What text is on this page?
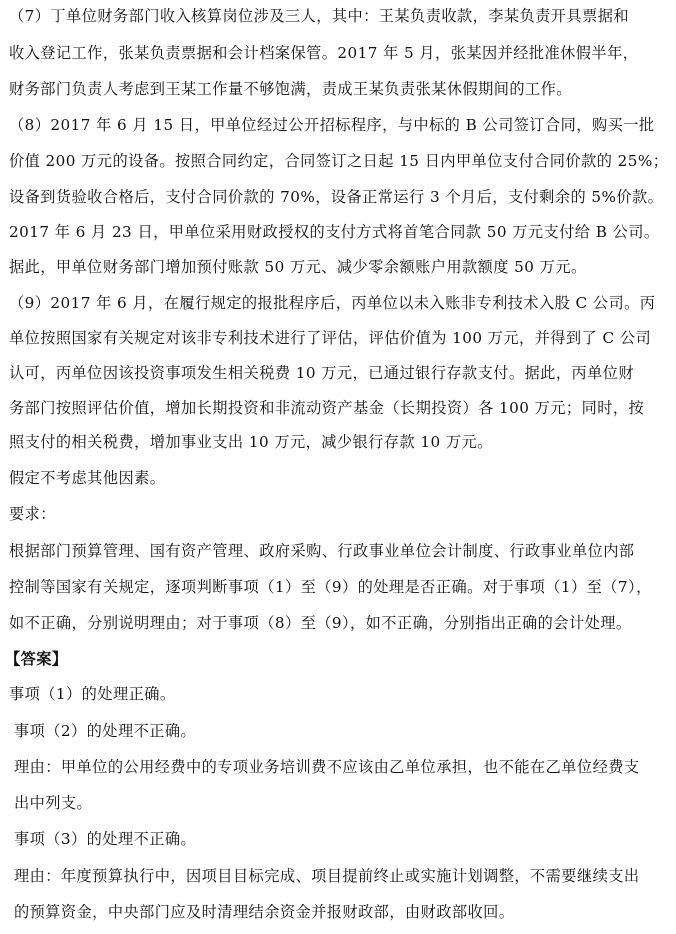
（7）丁单位财务部门收入核算岗位涉及三人，其中：王某负责收款，李某负责开具票据和
收入登记工作，张某负责票据和会计档案保管。2017 年 5 月，张某因并经批准休假半年，
财务部门负责人考虑到王某工作量不够饱满，责成王某负责张某休假期间的工作。
（8）2017 年 6 月 15 日，甲单位经过公开招标程序，与中标的 B 公司签订合同，购买一批
价值 200 万元的设备。按照合同约定，合同签订之日起 15 日内甲单位支付合同价款的 25%；
设备到货验收合格后，支付合同价款的 70%，设备正常运行 3 个月后，支付剩余的 5%价款。
2017 年 6 月 23 日，甲单位采用财政授权的支付方式将首笔合同款 50 万元支付给 B 公司。
据此，甲单位财务部门增加预付账款 50 万元、减少零余额账户用款额度 50 万元。
（9）2017 年 6 月，在履行规定的报批程序后，丙单位以未入账非专利技术入股 C 公司。丙
单位按照国家有关规定对该非专利技术进行了评估，评估价值为 100 万元，并得到了 C 公司
认可，丙单位因该投资事项发生相关税费 10 万元，已通过银行存款支付。据此，丙单位财
务部门按照评估价值，增加长期投资和非流动资产基金（长期投资）各 100 万元；同时，按
照支付的相关税费，增加事业支出 10 万元，减少银行存款 10 万元。
假定不考虑其他因素。
要求：
根据部门预算管理、国有资产管理、政府采购、行政事业单位会计制度、行政事业单位内部
控制等国家有关规定，逐项判断事项（1）至（9）的处理是否正确。对于事项（1）至（7），
如不正确，分别说明理由；对于事项（8）至（9），如不正确，分别指出正确的会计处理。
【答案】
事项（1）的处理正确。
事项（2）的处理不正确。
理由：甲单位的公用经费中的专项业务培训费不应该由乙单位承担，也不能在乙单位经费支
出中列支。
事项（3）的处理不正确。
理由：年度预算执行中，因项目目标完成、项目提前终止或实施计划调整，不需要继续支出
的预算资金，中央部门应及时清理结余资金并报财政部，由财政部收回。
